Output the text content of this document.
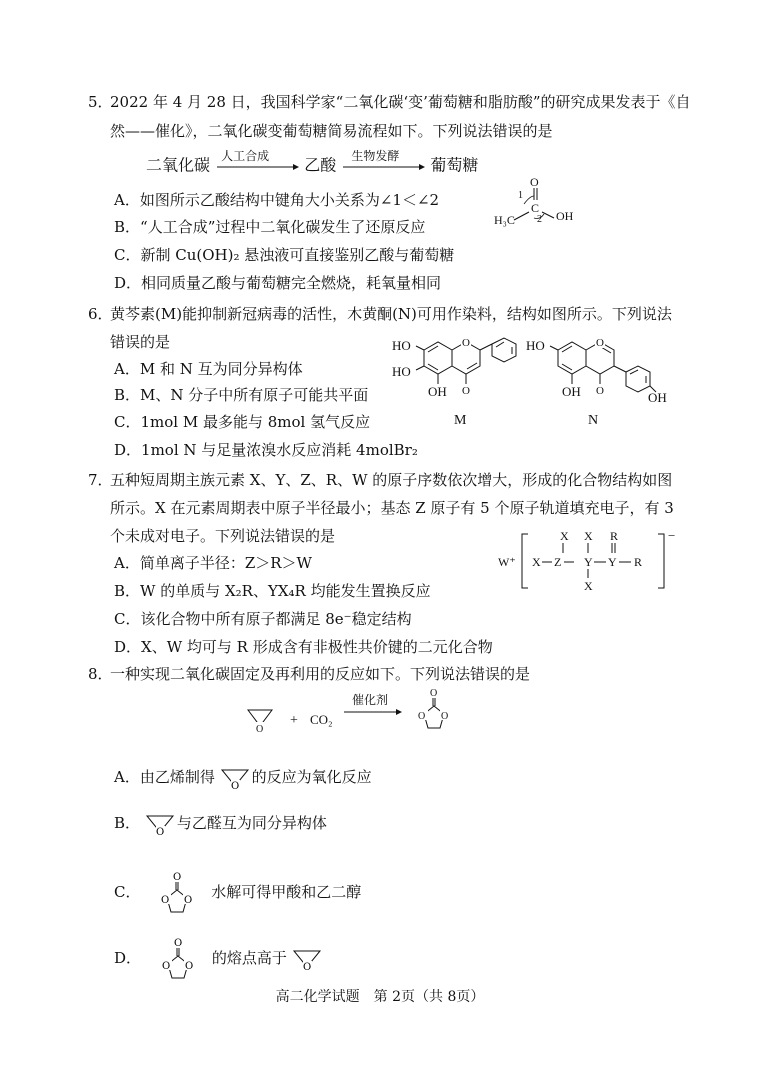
5．
2022 年 4 月 28 日，我国科学家“二氧化碳‘变’葡萄糖和脂肪酸”的研究成果发表于《自
然——催化》，二氧化碳变葡萄糖简易流程如下。下列说法错误的是
二氧化碳 人工合成 乙酸 生物发酵 葡萄糖
A．如图所示乙酸结构中键角大小关系为∠1＜∠2
B．“人工合成”过程中二氧化碳发生了还原反应
C．新制 Cu(OH)₂ 悬浊液可直接鉴别乙酸与葡萄糖
D．相同质量乙酸与葡萄糖完全燃烧，耗氧量相同
O
C
1
2
H₃C	OH
6．
黄芩素(M)能抑制新冠病毒的活性，木黄酮(N)可用作染料，结构如图所示。下列说法
错误的是
A．M 和 N 互为同分异构体
B．M、N 分子中所有原子可能共平面
C．1mol M 最多能与 8mol 氢气反应
D．1mol N 与足量浓溴水反应消耗 4molBr₂
O
O
HO
HO
OH
M
O
O
HO
OH	OH
N
7．
五种短周期主族元素 X、Y、Z、R、W 的原子序数依次增大，形成的化合物结构如图
所示。X 在元素周期表中原子半径最小；基态 Z 原子有 5 个原子轨道填充电子，有 3
个未成对电子。下列说法错误的是
A．简单离子半径：Z＞R＞W
B．W 的单质与 X₂R、YX₄R 均能发生置换反应
C．该化合物中所有原子都满足 8e⁻稳定结构
D．X、W 均可与 R 形成含有非极性共价键的二元化合物
W⁺
−
X Z
X X
Y
X
Y
R
R
8．
一种实现二氧化碳固定及再利用的反应如下。下列说法错误的是
O
+ CO₂
催化剂	O
O O
A．由乙烯制得
O
的反应为氧化反应
B．
O
与乙醛互为同分异构体
C．
O
O O 水解可得甲酸和乙二醇
D．
O
O O 的熔点高于
O
高二化学试题　第 2页（共 8页）
